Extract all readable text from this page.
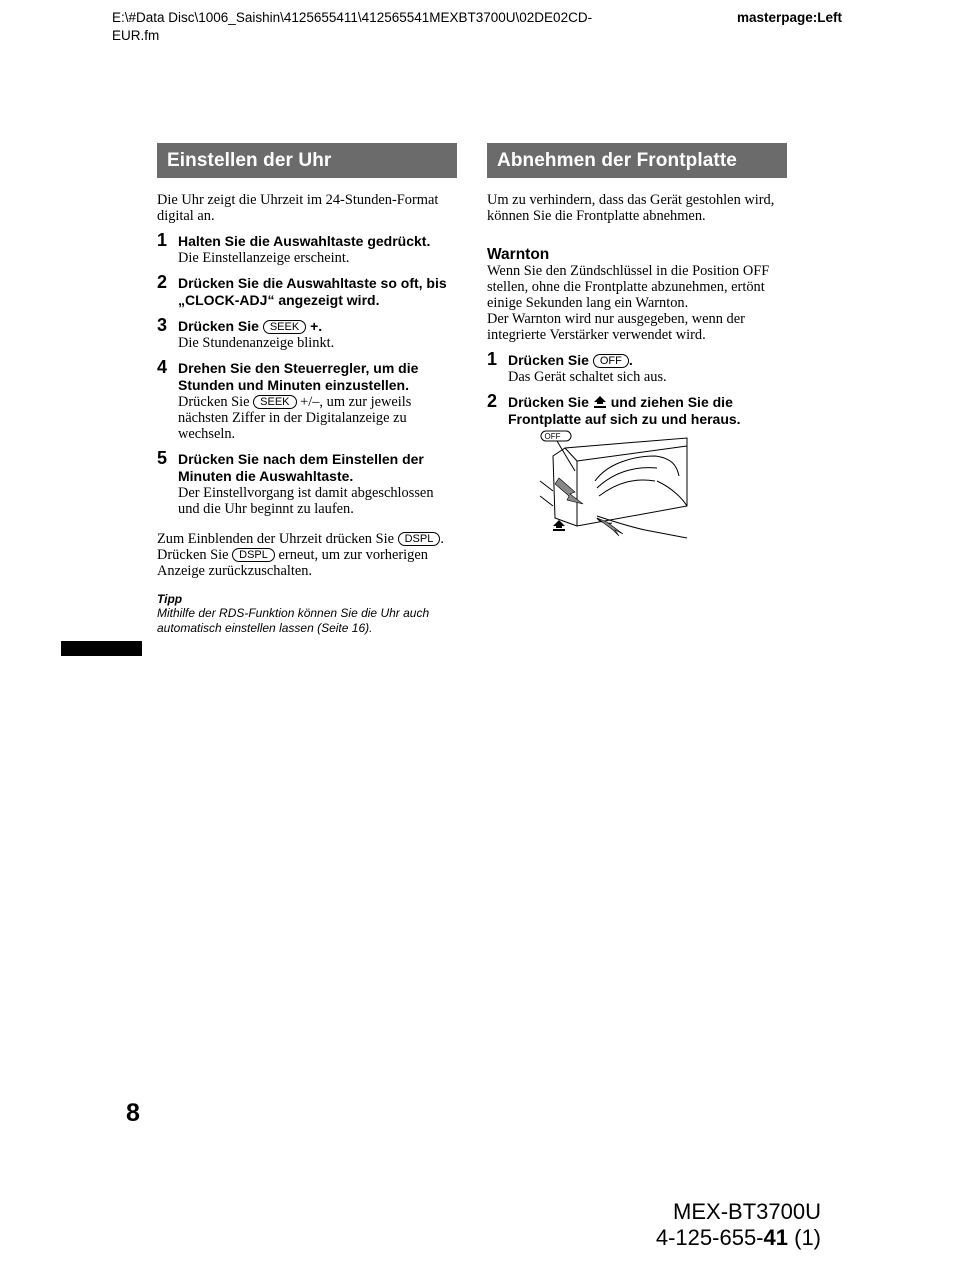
E:\#Data Disc\1006_Saishin\4125655411\412565541MEXBT3700U\02DE02CD-
EUR.fm
masterpage:Left
Einstellen der Uhr
Die Uhr zeigt die Uhrzeit im 24-Stunden-Format digital an.
1 Halten Sie die Auswahltaste gedrückt.
Die Einstellanzeige erscheint.
2 Drücken Sie die Auswahltaste so oft, bis „CLOCK-ADJ“ angezeigt wird.
3 Drücken Sie SEEK +.
Die Stundenanzeige blinkt.
4 Drehen Sie den Steuerregler, um die Stunden und Minuten einzustellen.
Drücken Sie SEEK +/–, um zur jeweils nächsten Ziffer in der Digitalanzeige zu wechseln.
5 Drücken Sie nach dem Einstellen der Minuten die Auswahltaste.
Der Einstellvorgang ist damit abgeschlossen und die Uhr beginnt zu laufen.
Zum Einblenden der Uhrzeit drücken Sie DSPL . Drücken Sie DSPL erneut, um zur vorherigen Anzeige zurückzuschalten.
Tipp
Mithilfe der RDS-Funktion können Sie die Uhr auch automatisch einstellen lassen (Seite 16).
Abnehmen der Frontplatte
Um zu verhindern, dass das Gerät gestohlen wird, können Sie die Frontplatte abnehmen.
Warnton
Wenn Sie den Zündschlüssel in die Position OFF stellen, ohne die Frontplatte abzunehmen, ertönt einige Sekunden lang ein Warnton.
Der Warnton wird nur ausgegeben, wenn der integrierte Verstärker verwendet wird.
1 Drücken Sie OFF .
Das Gerät schaltet sich aus.
2 Drücken Sie und ziehen Sie die Frontplatte auf sich zu und heraus.
OFF
8
MEX-BT3700U
4-125-655-41 (1)
